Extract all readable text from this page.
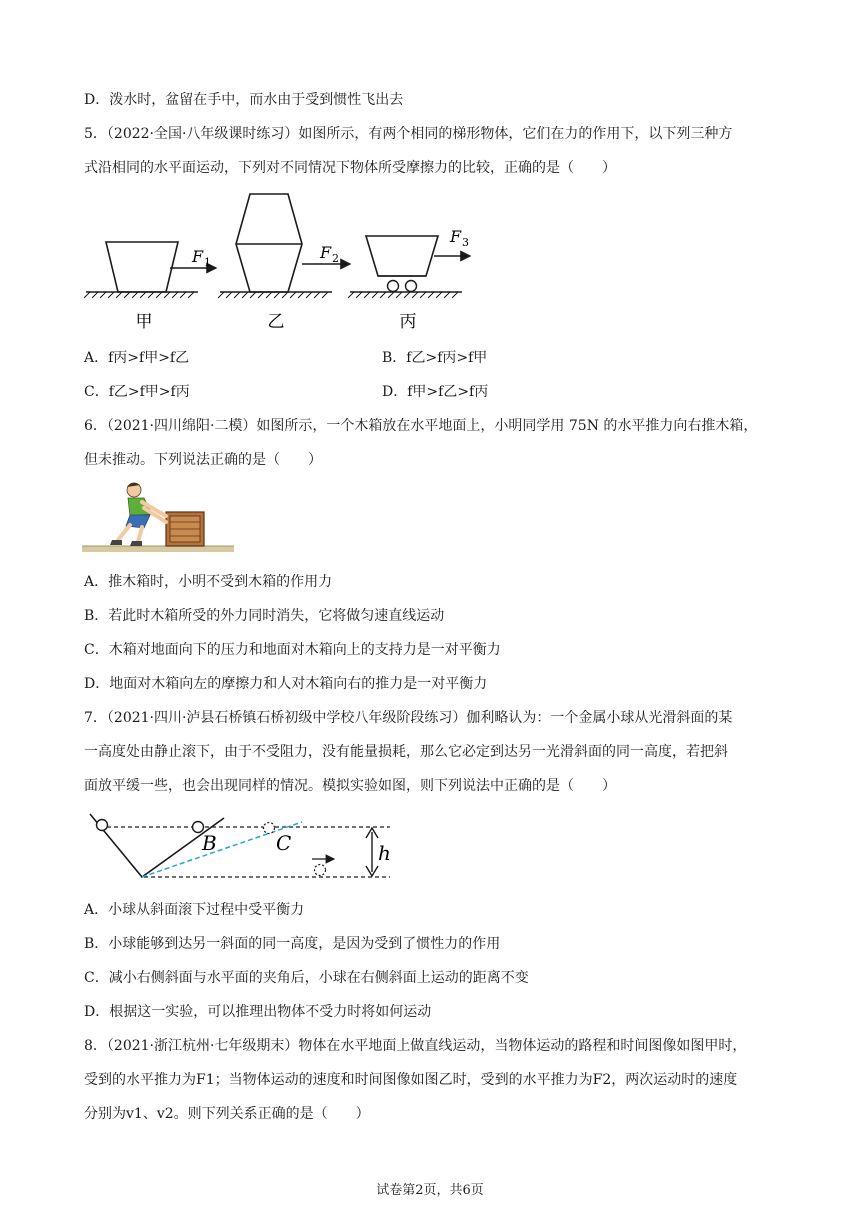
D．泼水时，盆留在手中，而水由于受到惯性飞出去
5．（2022·全国·八年级课时练习）如图所示，有两个相同的梯形物体，它们在力的作用下，以下列三种方
式沿相同的水平面运动，下列对不同情况下物体所受摩擦力的比较，正确的是（　　）
F 1
甲
F 2
乙
F 3
丙
A．f丙>f甲>f乙	B．f乙>f丙>f甲
C．f乙>f甲>f丙	D．f甲>f乙>f丙
6．（2021·四川绵阳·二模）如图所示，一个木箱放在水平地面上，小明同学用 75N 的水平推力向右推木箱，
但未推动。下列说法正确的是（　　）
A．推木箱时，小明不受到木箱的作用力
B．若此时木箱所受的外力同时消失，它将做匀速直线运动
C．木箱对地面向下的压力和地面对木箱向上的支持力是一对平衡力
D．地面对木箱向左的摩擦力和人对木箱向右的推力是一对平衡力
7．（2021·四川·泸县石桥镇石桥初级中学校八年级阶段练习）伽利略认为：一个金属小球从光滑斜面的某
一高度处由静止滚下，由于不受阻力，没有能量损耗，那么它必定到达另一光滑斜面的同一高度，若把斜
面放平缓一些，也会出现同样的情况。模拟实验如图，则下列说法中正确的是（　　）
B	C	h
A．小球从斜面滚下过程中受平衡力
B．小球能够到达另一斜面的同一高度，是因为受到了惯性力的作用
C．减小右侧斜面与水平面的夹角后，小球在右侧斜面上运动的距离不变
D．根据这一实验，可以推理出物体不受力时将如何运动
8．（2021·浙江杭州·七年级期末）物体在水平地面上做直线运动，当物体运动的路程和时间图像如图甲时，
受到的水平推力为F1；当物体运动的速度和时间图像如图乙时，受到的水平推力为F2，两次运动时的速度
分别为v1、v2。则下列关系正确的是（　　）
试卷第2页，共6页
